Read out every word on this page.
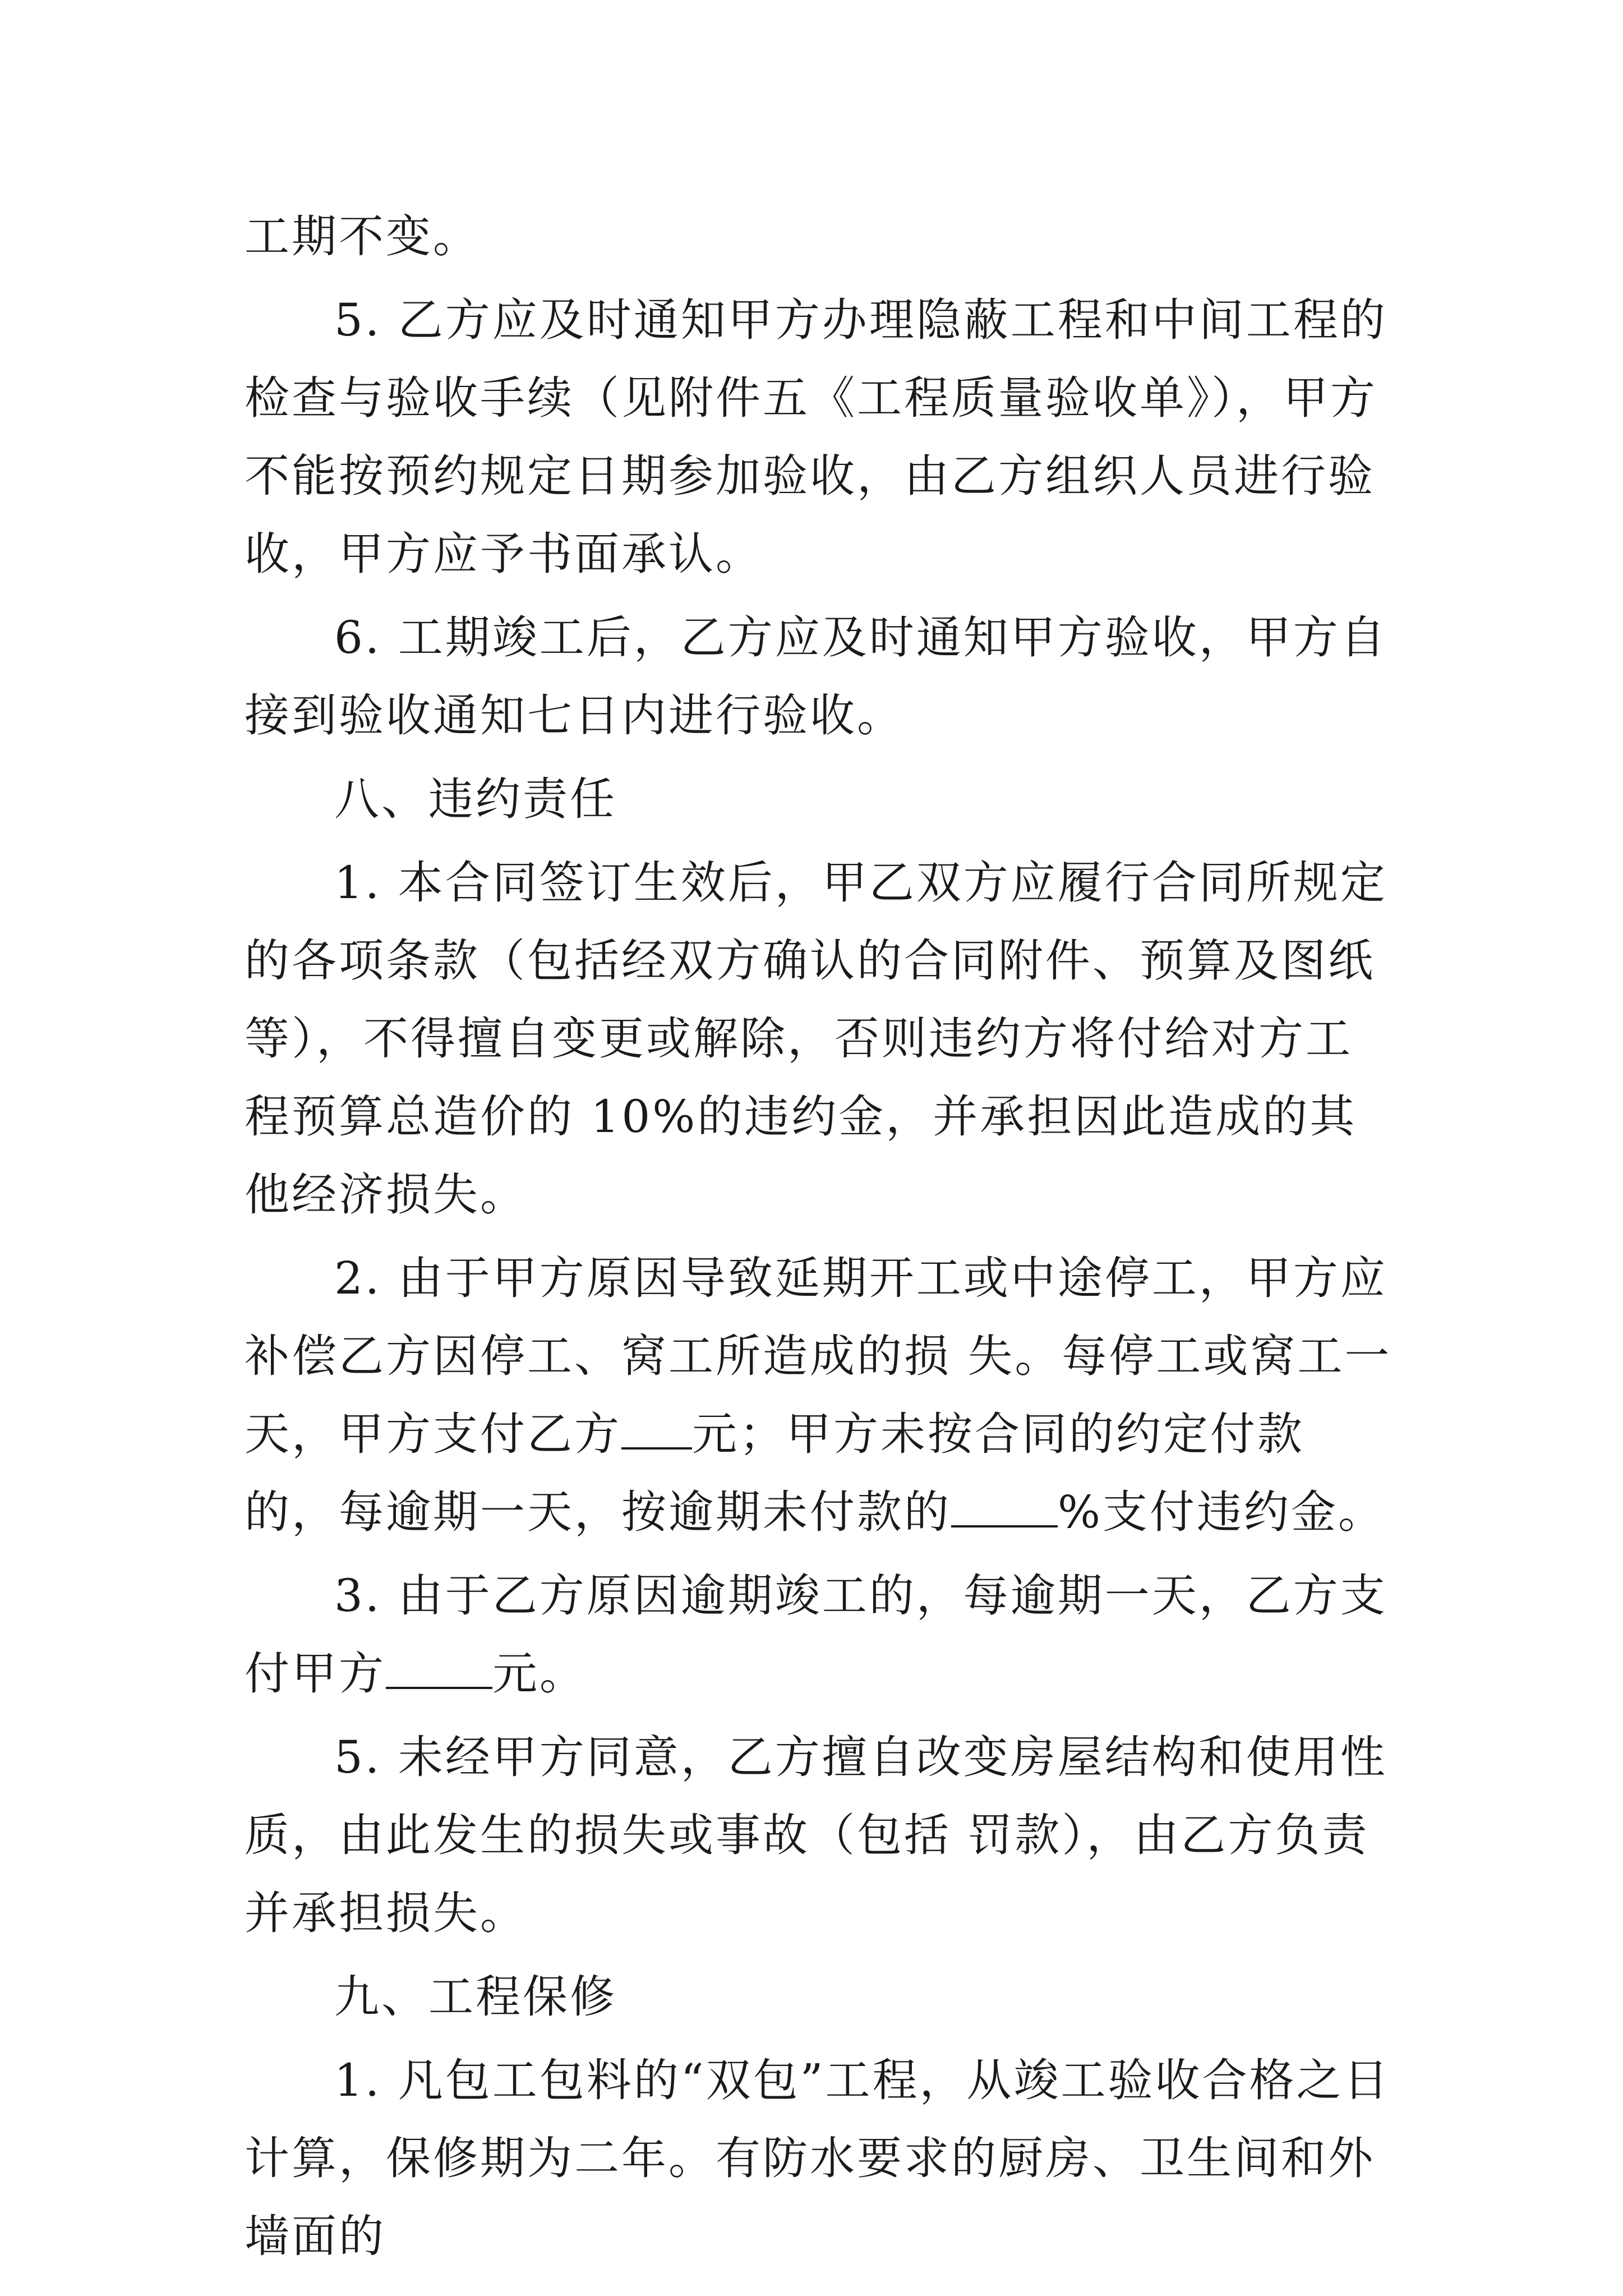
工期不变。

5. 乙方应及时通知甲方办理隐蔽工程和中间工程的检查与验收手续（见附件五《工程质量验收单》），甲方不能按预约规定日期参加验收，由乙方组织人员进行验收，甲方应予书面承认。

6. 工期竣工后，乙方应及时通知甲方验收，甲方自接到验收通知七日内进行验收。

八、违约责任

1. 本合同签订生效后，甲乙双方应履行合同所规定的各项条款（包括经双方确认的合同附件、预算及图纸等），不得擅自变更或解除，否则违约方将付给对方工程预算总造价的 10%的违约金，并承担因此造成的其他经济损失。

2. 由于甲方原因导致延期开工或中途停工，甲方应补偿乙方因停工、窝工所造成的损 失。每停工或窝工一天，甲方支付乙方 元；甲方未按合同的约定付款的，每逾期一天，按逾期未付款的 %支付违约金。

3. 由于乙方原因逾期竣工的，每逾期一天，乙方支付甲方 元。

5. 未经甲方同意，乙方擅自改变房屋结构和使用性质，由此发生的损失或事故（包括 罚款），由乙方负责并承担损失。

九、工程保修

1. 凡包工包料的“双包”工程，从竣工验收合格之日计算，保修期为二年。有防水要求的厨房、卫生间和外墙面的
